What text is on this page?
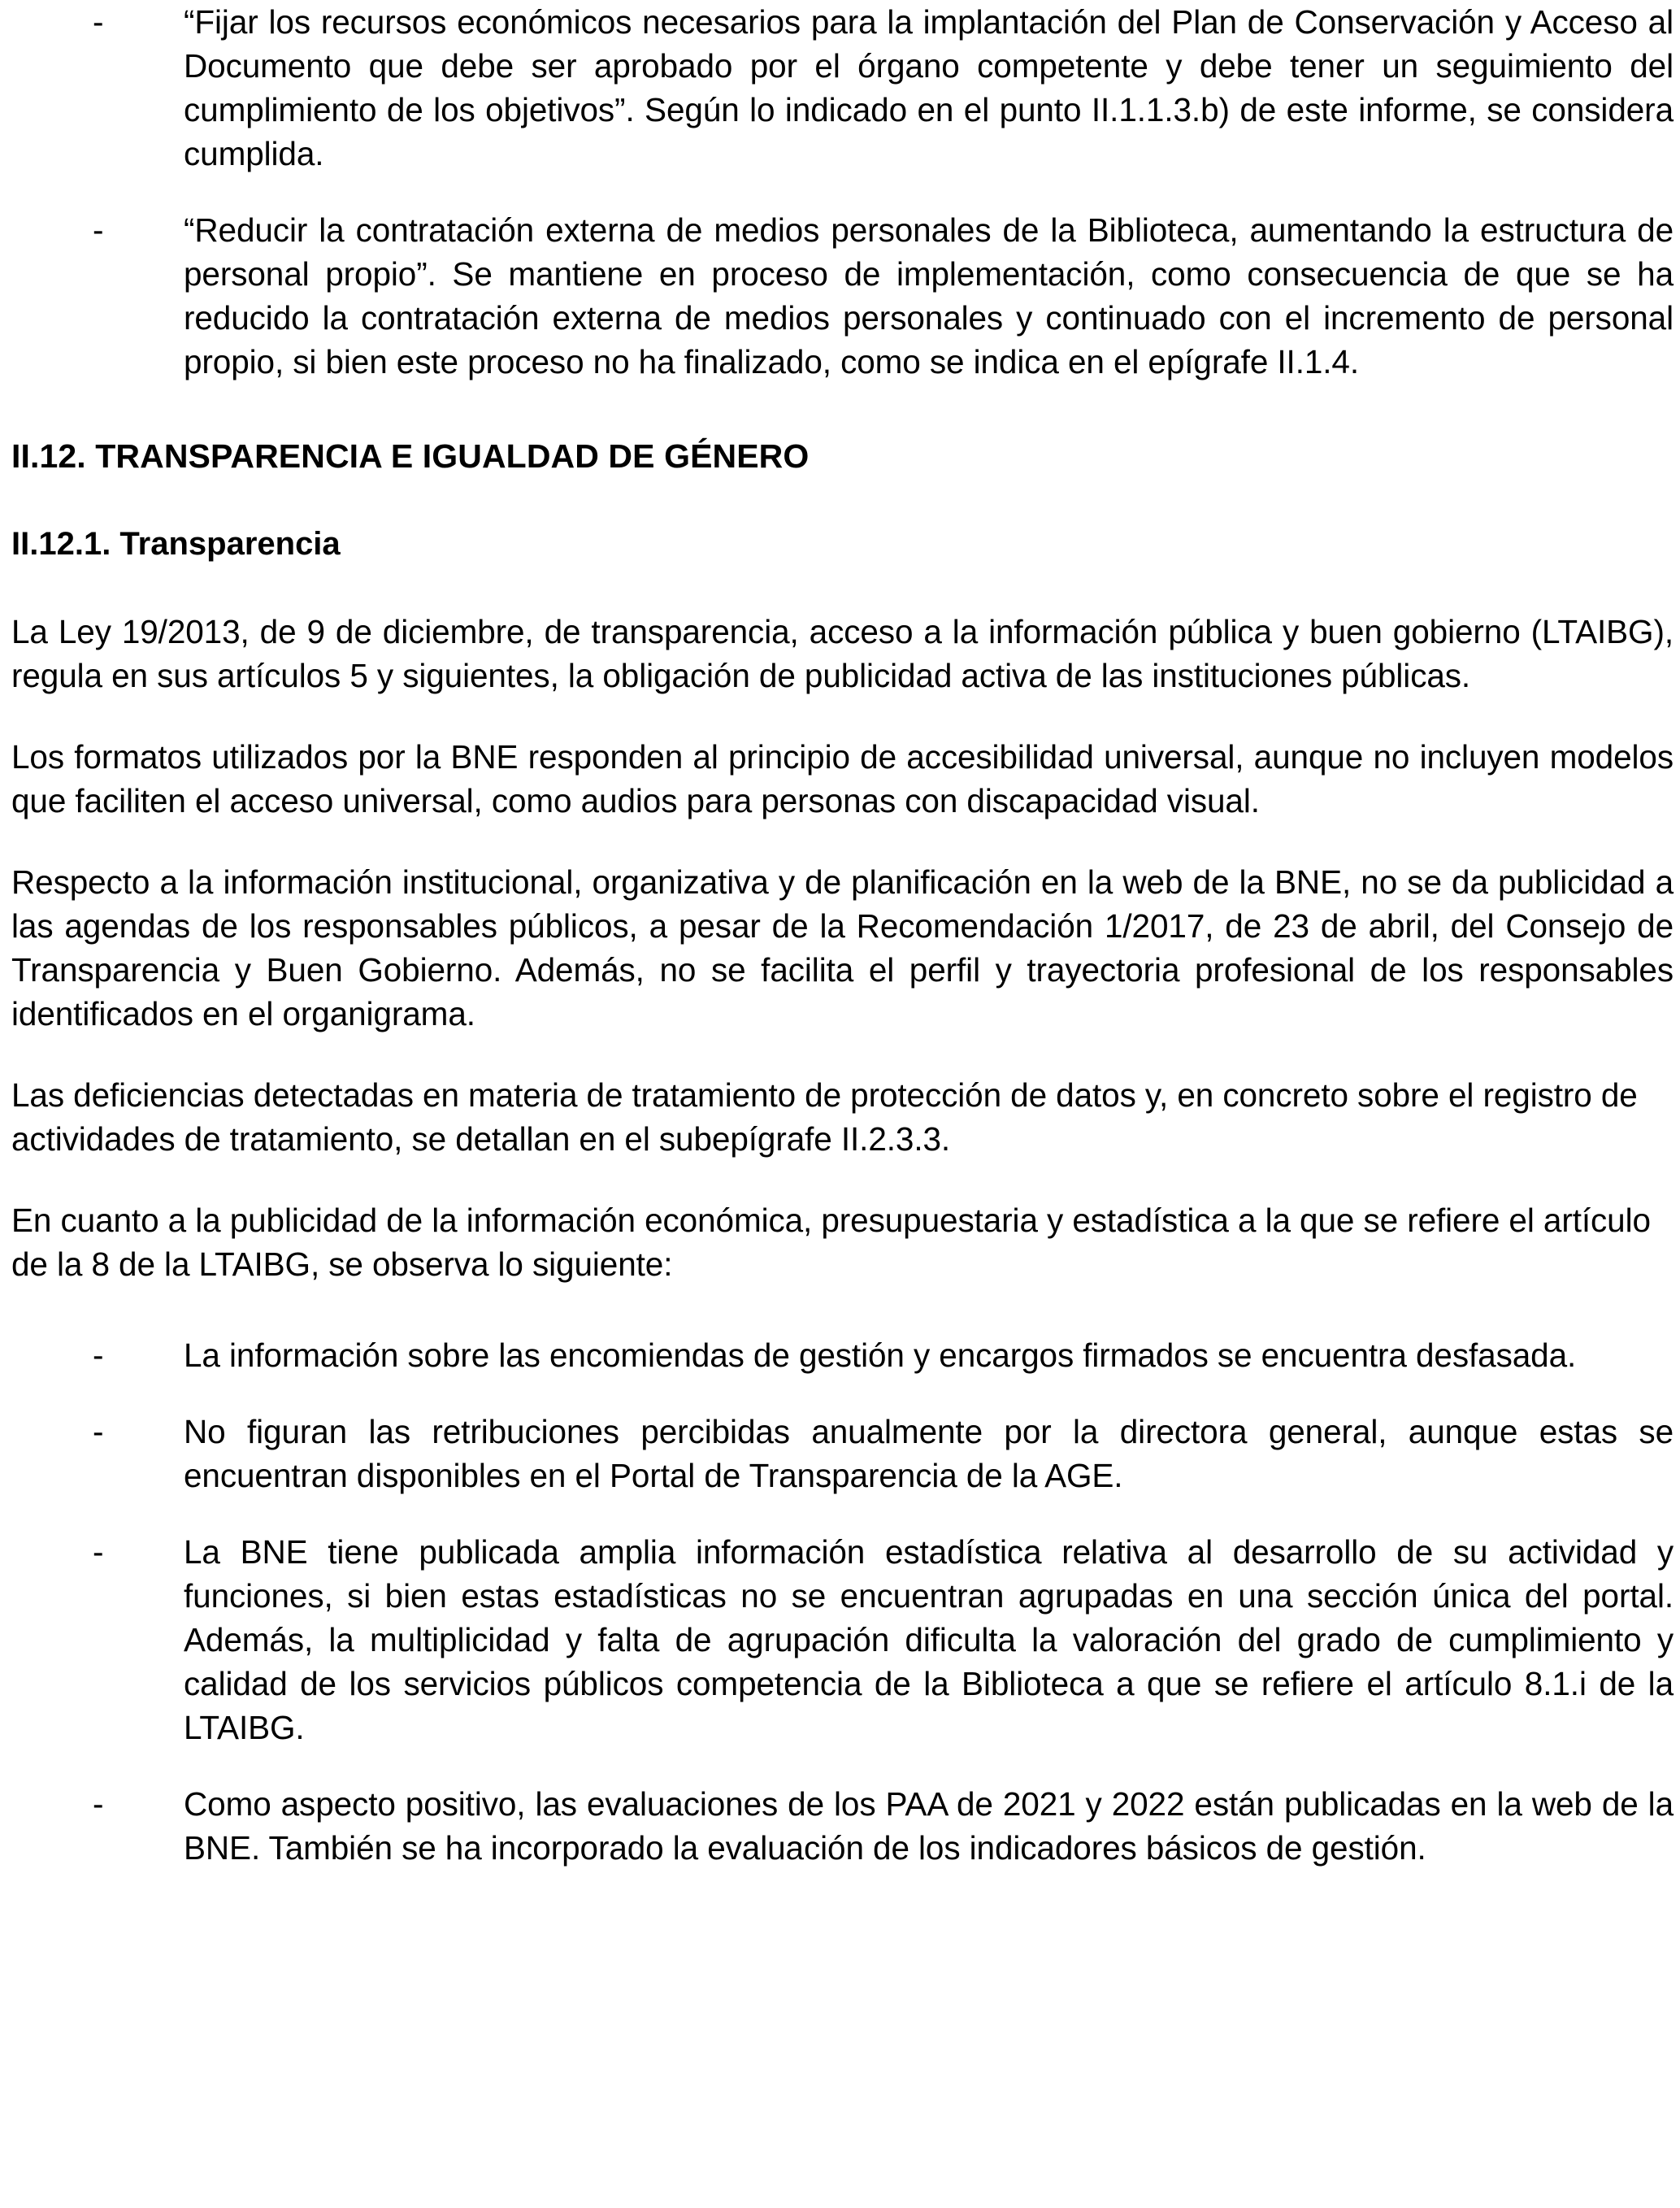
- “Fijar los recursos económicos necesarios para la implantación del Plan de Conservación y Acceso al Documento que debe ser aprobado por el órgano competente y debe tener un seguimiento del cumplimiento de los objetivos”. Según lo indicado en el punto II.1.1.3.b) de este informe, se considera cumplida.
- “Reducir la contratación externa de medios personales de la Biblioteca, aumentando la estructura de personal propio”. Se mantiene en proceso de implementación, como consecuencia de que se ha reducido la contratación externa de medios personales y continuado con el incremento de personal propio, si bien este proceso no ha finalizado, como se indica en el epígrafe II.1.4.
II.12. TRANSPARENCIA E IGUALDAD DE GÉNERO
II.12.1. Transparencia

La Ley 19/2013, de 9 de diciembre, de transparencia, acceso a la información pública y buen gobierno (LTAIBG), regula en sus artículos 5 y siguientes, la obligación de publicidad activa de las instituciones públicas.

Los formatos utilizados por la BNE responden al principio de accesibilidad universal, aunque no incluyen modelos que faciliten el acceso universal, como audios para personas con discapacidad visual.

Respecto a la información institucional, organizativa y de planificación en la web de la BNE, no se da publicidad a las agendas de los responsables públicos, a pesar de la Recomendación 1/2017, de 23 de abril, del Consejo de Transparencia y Buen Gobierno. Además, no se facilita el perfil y trayectoria profesional de los responsables identificados en el organigrama.

Las deficiencias detectadas en materia de tratamiento de protección de datos y, en concreto sobre el registro de actividades de tratamiento, se detallan en el subepígrafe II.2.3.3.

En cuanto a la publicidad de la información económica, presupuestaria y estadística a la que se refiere el artículo de la 8 de la LTAIBG, se observa lo siguiente:

- La información sobre las encomiendas de gestión y encargos firmados se encuentra desfasada.
- No figuran las retribuciones percibidas anualmente por la directora general, aunque estas se encuentran disponibles en el Portal de Transparencia de la AGE.
- La BNE tiene publicada amplia información estadística relativa al desarrollo de su actividad y funciones, si bien estas estadísticas no se encuentran agrupadas en una sección única del portal. Además, la multiplicidad y falta de agrupación dificulta la valoración del grado de cumplimiento y calidad de los servicios públicos competencia de la Biblioteca a que se refiere el artículo 8.1.i de la LTAIBG.
- Como aspecto positivo, las evaluaciones de los PAA de 2021 y 2022 están publicadas en la web de la BNE. También se ha incorporado la evaluación de los indicadores básicos de gestión.
